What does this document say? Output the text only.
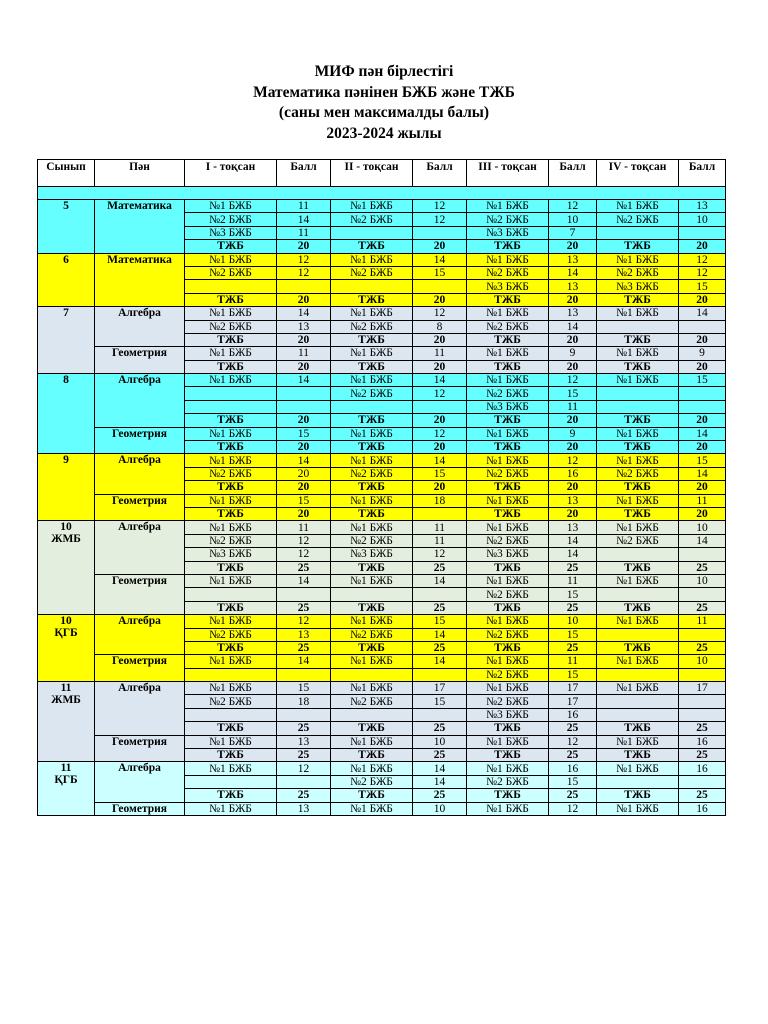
МИФ пән бірлестігі
Математика пәнінен БЖБ және ТЖБ
(саны мен максималды балы)
2023-2024 жылы
Сынып	Пән	І - тоқсан	Балл	ІІ - тоқсан	Балл	ІІІ - тоқсан	Балл	IV - тоқсан	Балл

5	Математика	№1 БЖБ	11	№1 БЖБ	12	№1 БЖБ	12	№1 БЖБ	13
		№2 БЖБ	14	№2 БЖБ	12	№2 БЖБ	10	№2 БЖБ	10
		№3 БЖБ	11			№3 БЖБ	7		
		ТЖБ	20	ТЖБ	20	ТЖБ	20	ТЖБ	20
6	Математика	№1 БЖБ	12	№1 БЖБ	14	№1 БЖБ	13	№1 БЖБ	12
		№2 БЖБ	12	№2 БЖБ	15	№2 БЖБ	14	№2 БЖБ	12
						№3 БЖБ	13	№3 БЖБ	15
		ТЖБ	20	ТЖБ	20	ТЖБ	20	ТЖБ	20
7	Алгебра	№1 БЖБ	14	№1 БЖБ	12	№1 БЖБ	13	№1 БЖБ	14
		№2 БЖБ	13	№2 БЖБ	8	№2 БЖБ	14		
		ТЖБ	20	ТЖБ	20	ТЖБ	20	ТЖБ	20
	Геометрия	№1 БЖБ	11	№1 БЖБ	11	№1 БЖБ	9	№1 БЖБ	9
		ТЖБ	20	ТЖБ	20	ТЖБ	20	ТЖБ	20
8	Алгебра	№1 БЖБ	14	№1 БЖБ	14	№1 БЖБ	12	№1 БЖБ	15
				№2 БЖБ	12	№2 БЖБ	15		
						№3 БЖБ	11		
		ТЖБ	20	ТЖБ	20	ТЖБ	20	ТЖБ	20
	Геометрия	№1 БЖБ	15	№1 БЖБ	12	№1 БЖБ	9	№1 БЖБ	14
		ТЖБ	20	ТЖБ	20	ТЖБ	20	ТЖБ	20
9	Алгебра	№1 БЖБ	14	№1 БЖБ	14	№1 БЖБ	12	№1 БЖБ	15
		№2 БЖБ	20	№2 БЖБ	15	№2 БЖБ	16	№2 БЖБ	14
		ТЖБ	20	ТЖБ	20	ТЖБ	20	ТЖБ	20
	Геометрия	№1 БЖБ	15	№1 БЖБ	18	№1 БЖБ	13	№1 БЖБ	11
		ТЖБ	20	ТЖБ		ТЖБ	20	ТЖБ	20
10
ЖМБ	Алгебра	№1 БЖБ	11	№1 БЖБ	11	№1 БЖБ	13	№1 БЖБ	10
		№2 БЖБ	12	№2 БЖБ	11	№2 БЖБ	14	№2 БЖБ	14
		№3 БЖБ	12	№3 БЖБ	12	№3 БЖБ	14		
		ТЖБ	25	ТЖБ	25	ТЖБ	25	ТЖБ	25
	Геометрия	№1 БЖБ	14	№1 БЖБ	14	№1 БЖБ	11	№1 БЖБ	10
						№2 БЖБ	15		
		ТЖБ	25	ТЖБ	25	ТЖБ	25	ТЖБ	25
10
ҚГБ	Алгебра	№1 БЖБ	12	№1 БЖБ	15	№1 БЖБ	10	№1 БЖБ	11
		№2 БЖБ	13	№2 БЖБ	14	№2 БЖБ	15		
		ТЖБ	25	ТЖБ	25	ТЖБ	25	ТЖБ	25
	Геометрия	№1 БЖБ	14	№1 БЖБ	14	№1 БЖБ	11	№1 БЖБ	10
						№2 БЖБ	15		
11
ЖМБ	Алгебра	№1 БЖБ	15	№1 БЖБ	17	№1 БЖБ	17	№1 БЖБ	17
		№2 БЖБ	18	№2 БЖБ	15	№2 БЖБ	17		
						№3 БЖБ	16		
		ТЖБ	25	ТЖБ	25	ТЖБ	25	ТЖБ	25
	Геометрия	№1 БЖБ	13	№1 БЖБ	10	№1 БЖБ	12	№1 БЖБ	16
		ТЖБ	25	ТЖБ	25	ТЖБ	25	ТЖБ	25
11
ҚГБ	Алгебра	№1 БЖБ	12	№1 БЖБ	14	№1 БЖБ	16	№1 БЖБ	16
				№2 БЖБ	14	№2 БЖБ	15		
		ТЖБ	25	ТЖБ	25	ТЖБ	25	ТЖБ	25
	Геометрия	№1 БЖБ	13	№1 БЖБ	10	№1 БЖБ	12	№1 БЖБ	16
